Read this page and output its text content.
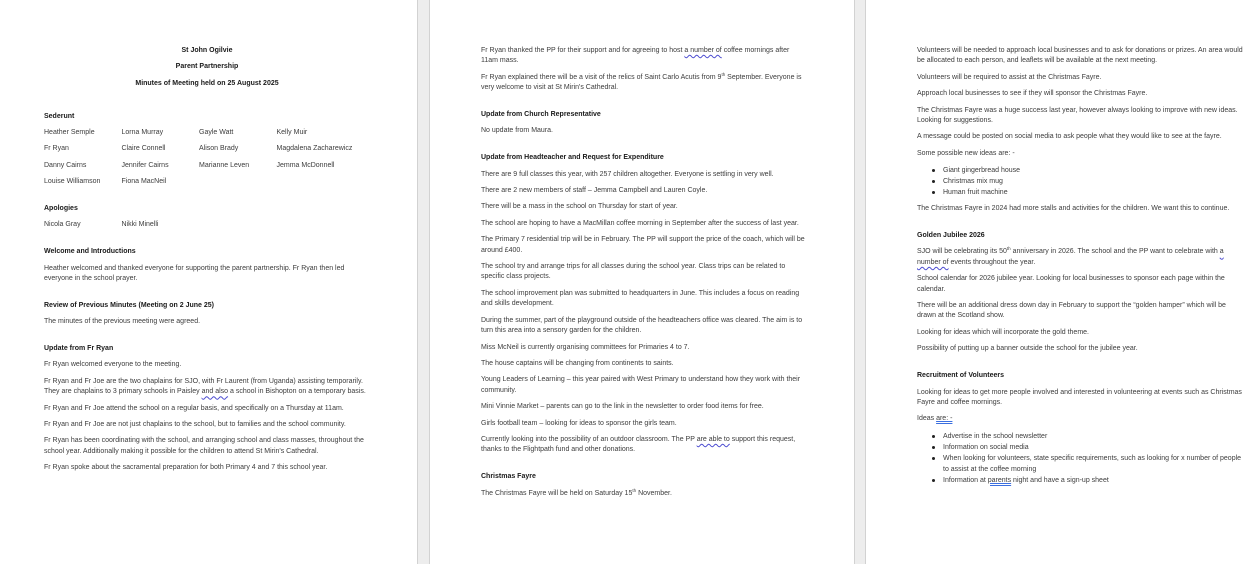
St John Ogilvie
Parent Partnership
Minutes of Meeting held on 25 August 2025
Sederunt
Heather Semple	Lorna Murray	Gayle Watt	Kelly Muir
Fr Ryan	Claire Connell	Alison Brady	Magdalena Zacharewicz
Danny Cairns	Jennifer Cairns	Marianne Leven	Jemma McDonnell
Louise Williamson	Fiona MacNeil
Apologies
Nicola Gray	Nikki Minelli
Welcome and Introductions
Heather welcomed and thanked everyone for supporting the parent partnership. Fr Ryan then led everyone in the school prayer.
Review of Previous Minutes (Meeting on 2 June 25)
The minutes of the previous meeting were agreed.
Update from Fr Ryan
Fr Ryan welcomed everyone to the meeting.
Fr Ryan and Fr Joe are the two chaplains for SJO, with Fr Laurent (from Uganda) assisting temporarily. They are chaplains to 3 primary schools in Paisley and also a school in Bishopton on a temporary basis.
Fr Ryan and Fr Joe attend the school on a regular basis, and specifically on a Thursday at 11am.
Fr Ryan and Fr Joe are not just chaplains to the school, but to families and the school community.
Fr Ryan has been coordinating with the school, and arranging school and class masses, throughout the school year. Additionally making it possible for the children to attend St Mirin's Cathedral.
Fr Ryan spoke about the sacramental preparation for both Primary 4 and 7 this school year.
Fr Ryan thanked the PP for their support and for agreeing to host a number of coffee mornings after 11am mass.
Fr Ryan explained there will be a visit of the relics of Saint Carlo Acutis from 9th September. Everyone is very welcome to visit at St Mirin's Cathedral.
Update from Church Representative
No update from Maura.
Update from Headteacher and Request for Expenditure
There are 9 full classes this year, with 257 children altogether. Everyone is settling in very well.
There are 2 new members of staff – Jemma Campbell and Lauren Coyle.
There will be a mass in the school on Thursday for start of year.
The school are hoping to have a MacMillan coffee morning in September after the success of last year.
The Primary 7 residential trip will be in February. The PP will support the price of the coach, which will be around £400.
The school try and arrange trips for all classes during the school year. Class trips can be related to specific class projects.
The school improvement plan was submitted to headquarters in June. This includes a focus on reading and skills development.
During the summer, part of the playground outside of the headteachers office was cleared. The aim is to turn this area into a sensory garden for the children.
Miss McNeil is currently organising committees for Primaries 4 to 7.
The house captains will be changing from continents to saints.
Young Leaders of Learning – this year paired with West Primary to understand how they work with their community.
Mini Vinnie Market – parents can go to the link in the newsletter to order food items for free.
Girls football team – looking for ideas to sponsor the girls team.
Currently looking into the possibility of an outdoor classroom. The PP are able to support this request, thanks to the Flightpath fund and other donations.
Christmas Fayre
The Christmas Fayre will be held on Saturday 15th November.
Volunteers will be needed to approach local businesses and to ask for donations or prizes. An area would be allocated to each person, and leaflets will be available at the next meeting.
Volunteers will be required to assist at the Christmas Fayre.
Approach local businesses to see if they will sponsor the Christmas Fayre.
The Christmas Fayre was a huge success last year, however always looking to improve with new ideas. Looking for suggestions.
A message could be posted on social media to ask people what they would like to see at the fayre.
Some possible new ideas are: -
Giant gingerbread house
Christmas mix mug
Human fruit machine
The Christmas Fayre in 2024 had more stalls and activities for the children. We want this to continue.
Golden Jubilee 2026
SJO will be celebrating its 50th anniversary in 2026. The school and the PP want to celebrate with a number of events throughout the year.
School calendar for 2026 jubilee year. Looking for local businesses to sponsor each page within the calendar.
There will be an additional dress down day in February to support the “golden hamper” which will be drawn at the Scotland show.
Looking for ideas which will incorporate the gold theme.
Possibility of putting up a banner outside the school for the jubilee year.
Recruitment of Volunteers
Looking for ideas to get more people involved and interested in volunteering at events such as Christmas Fayre and coffee mornings.
Ideas are: -
Advertise in the school newsletter
Information on social media
When looking for volunteers, state specific requirements, such as looking for x number of people to assist at the coffee morning
Information at parents night and have a sign-up sheet
